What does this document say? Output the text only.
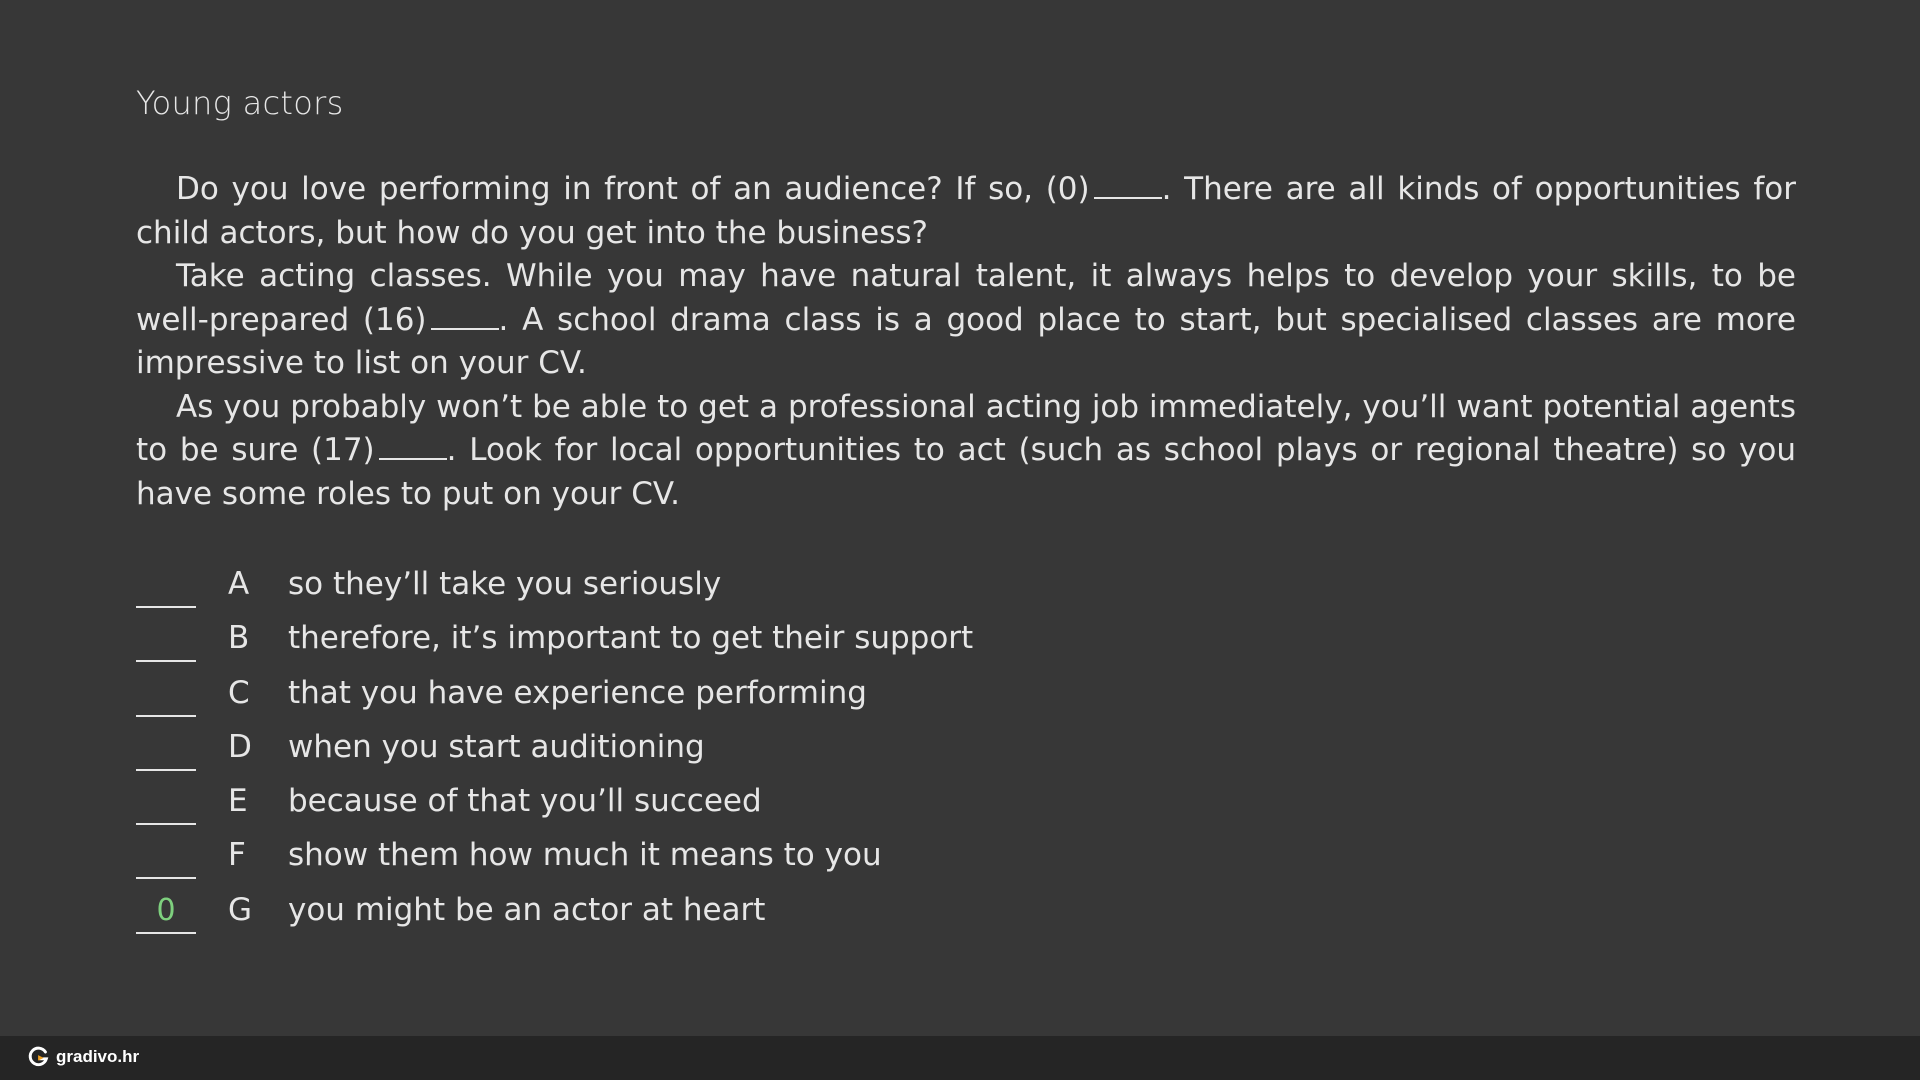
Young actors

Do you love performing in front of an audience? If so, (0) . There are all kinds of opportunities for child actors, but how do you get into the business?

Take acting classes. While you may have natural talent, it always helps to develop your skills, to be well-prepared (16) . A school drama class is a good place to start, but specialised classes are more impressive to list on your CV.

As you probably won’t be able to get a professional acting job immediately, you’ll want potential agents to be sure (17) . Look for local opportunities to act (such as school plays or regional theatre) so you have some roles to put on your CV.

A so they’ll take you seriously
B therefore, it’s important to get their support
C that you have experience performing
D when you start auditioning
E because of that you’ll succeed
F show them how much it means to you
0	G you might be an actor at heart
gradivo.hr
